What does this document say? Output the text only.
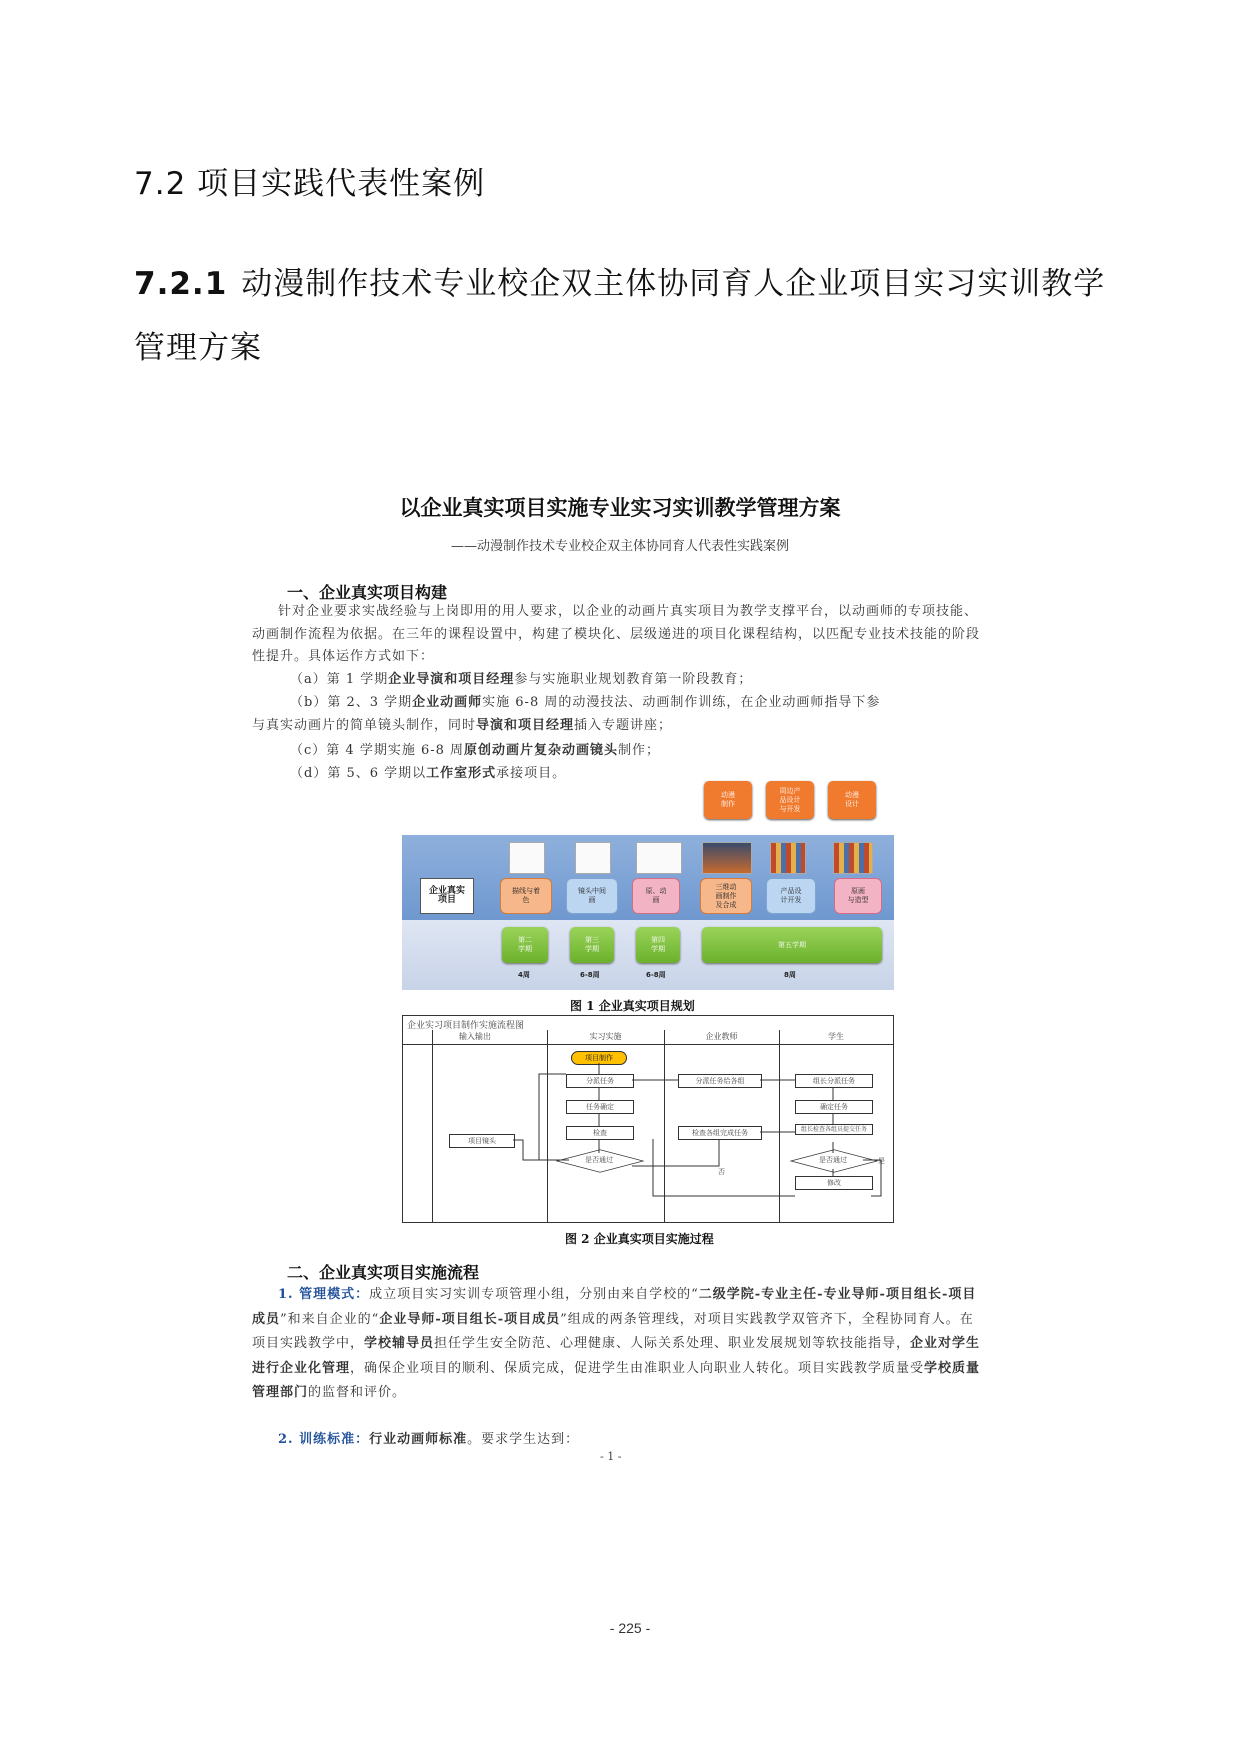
7.2 项目实践代表性案例
7.2.1 动漫制作技术专业校企双主体协同育人企业项目实习实训教学管理方案
以企业真实项目实施专业实习实训教学管理方案
——动漫制作技术专业校企双主体协同育人代表性实践案例
一、企业真实项目构建
针对企业要求实战经验与上岗即用的用人要求，以企业的动画片真实项目为教学支撑平台，以动画师的专项技能、动画制作流程为依据。在三年的课程设置中，构建了模块化、层级递进的项目化课程结构，以匹配专业技术技能的阶段性提升。具体运作方式如下：
（a）第 1 学期企业导演和项目经理参与实施职业规划教育第一阶段教育；
（b）第 2、3 学期企业动画师实施 6-8 周的动漫技法、动画制作训练，在企业动画师指导下参
与真实动画片的简单镜头制作，同时导演和项目经理插入专题讲座；
（c）第 4 学期实施 6-8 周原创动画片复杂动画镜头制作；
（d）第 5、6 学期以工作室形式承接项目。
动漫
制作
周边产
品设计
与开发
动漫
设计
企业真实
项目
描线与着
色
镜头中间
画
原、动
画
三维动
画制作
及合成
产品设
计开发
原画
与造型
第二
学期
第三
学期
第四
学期
第五学期
4周	6-8周	6-8周	8周
图 1 企业真实项目规划
企业实习项目制作实施流程图
输入输出	实习实施	企业教师	学生
项目制作
分派任务
任务确定
检查
是否通过
分派任务给各组
检查各组完成任务
组长分派任务
确定任务
组长检查各组员提交任务
是否通过
修改
项目镜头
是
否
图 2 企业真实项目实施过程
二、企业真实项目实施流程
1. 管理模式：成立项目实习实训专项管理小组，分别由来自学校的“二级学院-专业主任-专业导师-项目组长-项目成员”和来自企业的“企业导师-项目组长-项目成员”组成的两条管理线，对项目实践教学双管齐下，全程协同育人。在项目实践教学中，学校辅导员担任学生安全防范、心理健康、人际关系处理、职业发展规划等软技能指导，企业对学生进行企业化管理，确保企业项目的顺利、保质完成，促进学生由准职业人向职业人转化。项目实践教学质量受学校质量管理部门的监督和评价。
2. 训练标准：行业动画师标准。要求学生达到：
- 1 -
- 225 -
